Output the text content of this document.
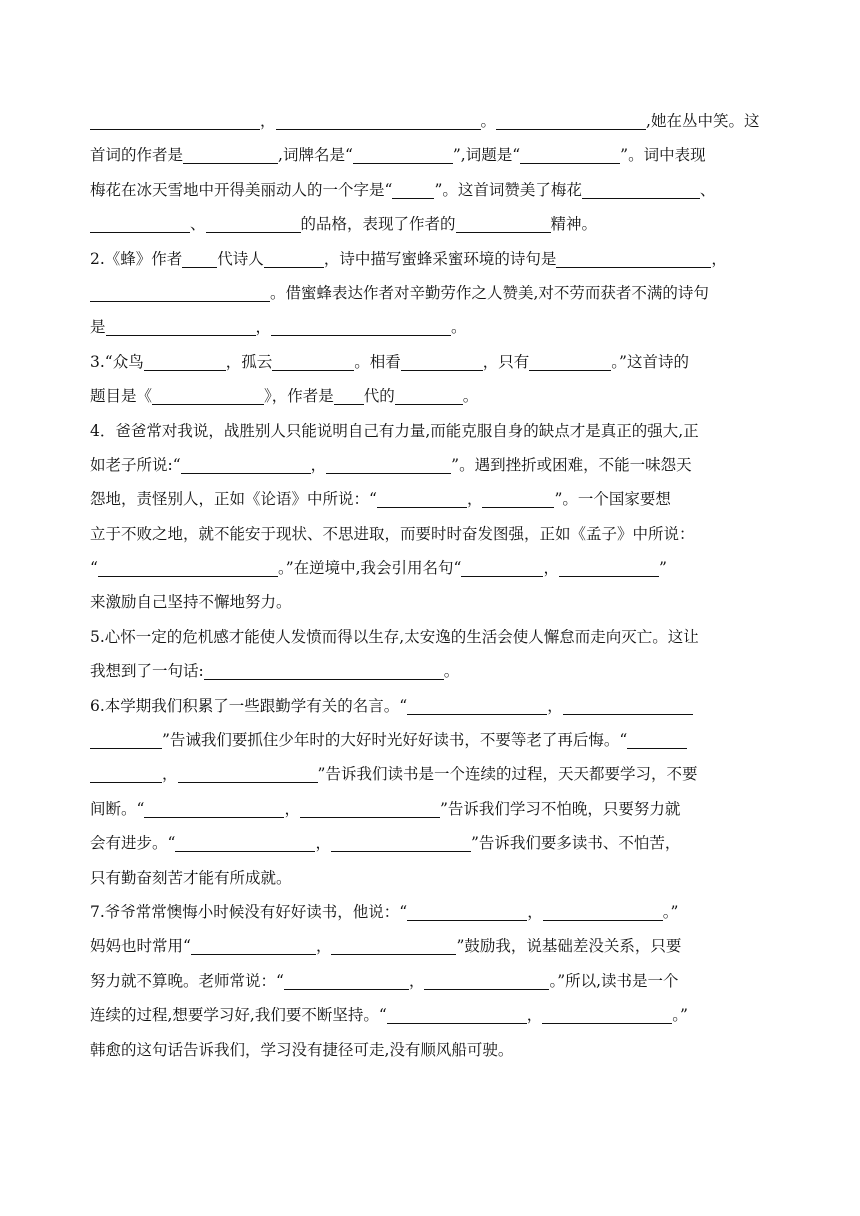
，	。	,她在丛中笑。这
首词的作者是	,词牌名是“	”,词题是“	”。词中表现
梅花在冰天雪地中开得美丽动人的一个字是“	”。这首词赞美了梅花	、
、	的品格，表现了作者的	精神。
2.《蜂》作者 代诗人	，诗中描写蜜蜂采蜜环境的诗句是	，
。借蜜蜂表达作者对辛勤劳作之人赞美,对不劳而获者不满的诗句
是	，	。
3.“众鸟	，孤云	。相看	，只有	。”这首诗的
题目是《	》，作者是 代的	。
4．爸爸常对我说，战胜别人只能说明自己有力量,而能克服自身的缺点才是真正的强大,正
如老子所说:“	，	”。遇到挫折或困难，不能一味怨天
怨地，责怪别人，正如《论语》中所说：“	，	”。一个国家要想
立于不败之地，就不能安于现状、不思进取，而要时时奋发图强，正如《孟子》中所说：
“	。”在逆境中,我会引用名句“	，	”
来激励自己坚持不懈地努力。
5.心怀一定的危机感才能使人发愤而得以生存,太安逸的生活会使人懈怠而走向灭亡。这让
我想到了一句话:	。
6.本学期我们积累了一些跟勤学有关的名言。“	，
”告诫我们要抓住少年时的大好时光好好读书，不要等老了再后悔。“
，	”告诉我们读书是一个连续的过程，天天都要学习，不要
间断。“	，	”告诉我们学习不怕晚，只要努力就
会有进步。“	，	”告诉我们要多读书、不怕苦，
只有勤奋刻苦才能有所成就。
7.爷爷常常懊悔小时候没有好好读书，他说：“	，	。”
妈妈也时常用“	，	”鼓励我，说基础差没关系，只要
努力就不算晚。老师常说：“	，	。”所以,读书是一个
连续的过程,想要学习好,我们要不断坚持。“	，	。”
韩愈的这句话告诉我们，学习没有捷径可走,没有顺风船可驶。
